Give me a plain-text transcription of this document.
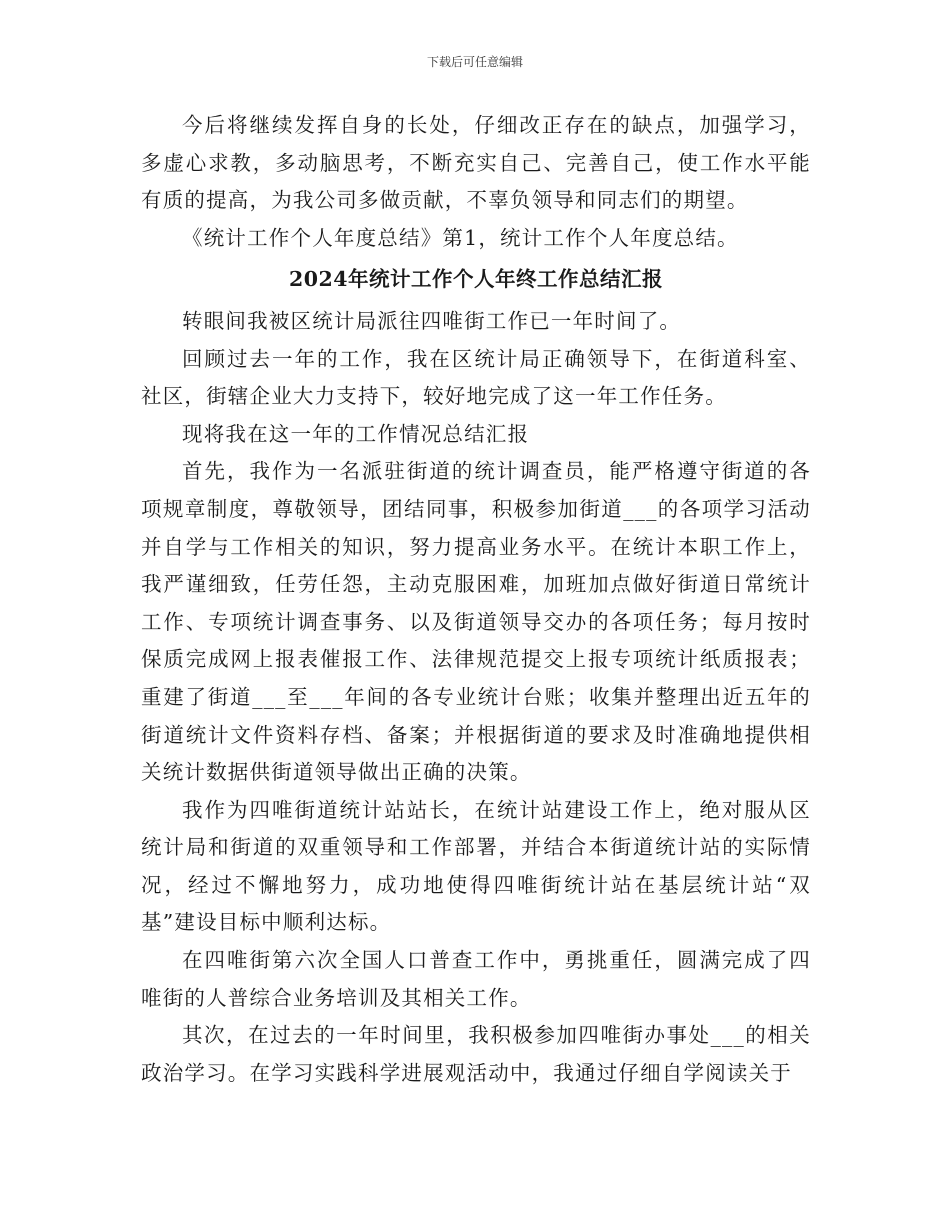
下载后可任意编辑

今后将继续发挥自身的长处，仔细改正存在的缺点，加强学习，多虚心求教，多动脑思考，不断充实自己、完善自己，使工作水平能有质的提高，为我公司多做贡献，不辜负领导和同志们的期望。

《统计工作个人年度总结》第1，统计工作个人年度总结。

2024年统计工作个人年终工作总结汇报

转眼间我被区统计局派往四唯街工作已一年时间了。

回顾过去一年的工作，我在区统计局正确领导下，在街道科室、社区，街辖企业大力支持下，较好地完成了这一年工作任务。

现将我在这一年的工作情况总结汇报

首先，我作为一名派驻街道的统计调查员，能严格遵守街道的各项规章制度，尊敬领导，团结同事，积极参加街道___的各项学习活动并自学与工作相关的知识，努力提高业务水平。在统计本职工作上，我严谨细致，任劳任怨，主动克服困难，加班加点做好街道日常统计工作、专项统计调查事务、以及街道领导交办的各项任务；每月按时保质完成网上报表催报工作、法律规范提交上报专项统计纸质报表；重建了街道___至___年间的各专业统计台账；收集并整理出近五年的街道统计文件资料存档、备案；并根据街道的要求及时准确地提供相关统计数据供街道领导做出正确的决策。

我作为四唯街道统计站站长，在统计站建设工作上，绝对服从区统计局和街道的双重领导和工作部署，并结合本街道统计站的实际情况，经过不懈地努力，成功地使得四唯街统计站在基层统计站“双基”建设目标中顺利达标。

在四唯街第六次全国人口普查工作中，勇挑重任，圆满完成了四唯街的人普综合业务培训及其相关工作。

其次，在过去的一年时间里，我积极参加四唯街办事处___的相关政治学习。在学习实践科学进展观活动中，我通过仔细自学阅读关于
